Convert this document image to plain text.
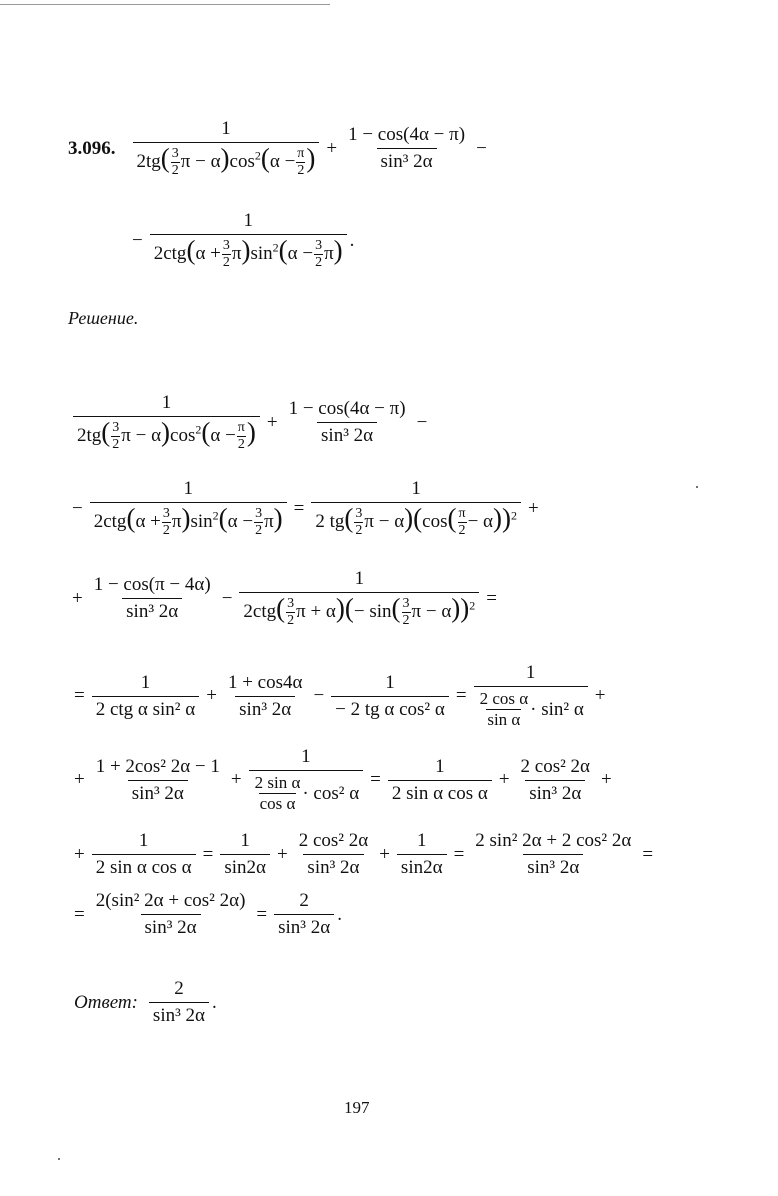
3.096. $\frac{1}{2tg( \frac{3}{2} \pi - \alpha)\cos^2(\alpha - \frac{\pi}{2} )} + \frac{1 - \cos(4\alpha - \pi)}{\text{sin³ 2α}}$ −
− $\frac{1}{2ctg(\alpha + \frac{3}{2} \pi)\sin^2(\alpha - \frac{3}{2} \pi)}$ .
Решение.
$\frac{1}{2tg( \frac{3}{2} \pi - \alpha)\cos^2(\alpha - \frac{\pi}{2} )} + \frac{1 - \cos(4\alpha - \pi)}{\text{sin³ 2α}}$ −
− $\frac{1}{2ctg(\alpha + \frac{3}{2} \pi)\sin^2(\alpha - \frac{3}{2} \pi)} = \frac{1}{2 tg( \frac{3}{2} \pi - \alpha)(\cos( \frac{\pi}{2} - \alpha))^2}$ +
+ $\frac{1 - \cos(\pi - 4\alpha)}{\text{sin³ 2α}} - \frac{1}{2ctg( \frac{3}{2} \pi + \alpha)(- \sin( \frac{3}{2} \pi - \alpha))^2}$ =
= $\frac{1}{\text{2 ctg α sin² α}} + \frac{1 + \cos 4\alpha}{\text{sin³ 2α}} - \frac{1}{\text{− 2 tg α cos² α}} = 1$
2 cos α
sin α · sin² α +
+ $\frac{\text{1 + 2cos² 2α − 1}}{\text{sin³ 2α}} + 1$
2 sin α
cos α · cos² $\alpha = \frac{1}{\text{2 sin α cos α}} + \frac{\text{2 cos² 2α}}{\text{sin³ 2α}}$ +
+ $\frac{1}{\text{2 sin α cos α}} = \frac{1}{\sin 2\alpha} + \frac{\text{2 cos² 2α}}{\text{sin³ 2α}} + \frac{1}{\sin 2\alpha} = \frac{\text{2 sin² 2α + 2 cos² 2α}}{\text{sin³ 2α}}$ =
= $\frac{\text{2(sin² 2α + cos² 2α)}}{\text{sin³ 2α}} = \frac{2}{\text{sin³ 2α}}$ .
Ответ: $\frac{2}{\text{sin³ 2α}}$ .
197
